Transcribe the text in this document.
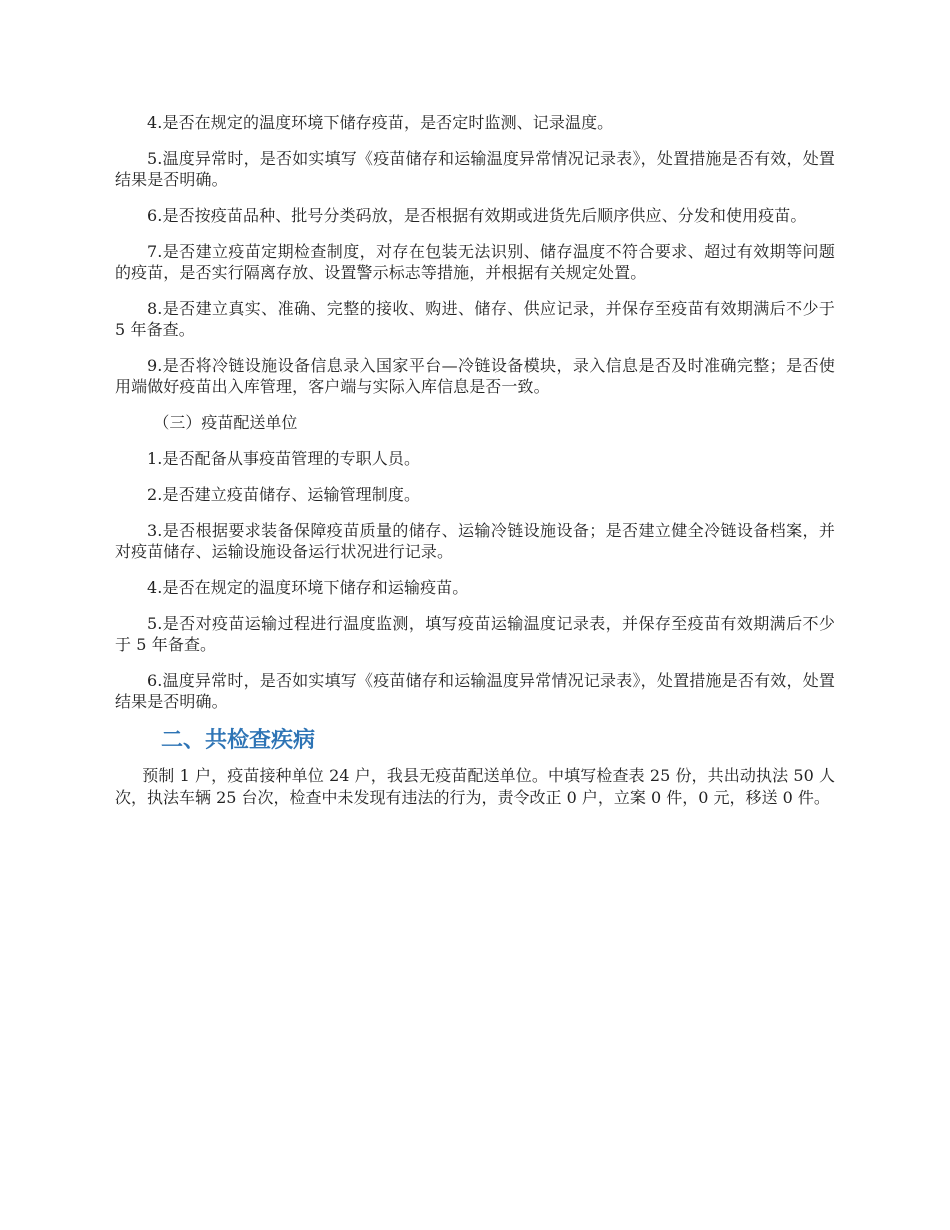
4.是否在规定的温度环境下储存疫苗，是否定时监测、记录温度。

5.温度异常时，是否如实填写《疫苗储存和运输温度异常情况记录表》，处置措施是否有效，处置结果是否明确。

6.是否按疫苗品种、批号分类码放，是否根据有效期或进货先后顺序供应、分发和使用疫苗。

7.是否建立疫苗定期检查制度，对存在包装无法识别、储存温度不符合要求、超过有效期等问题的疫苗，是否实行隔离存放、设置警示标志等措施，并根据有关规定处置。

8.是否建立真实、准确、完整的接收、购进、储存、供应记录，并保存至疫苗有效期满后不少于 5 年备查。

9.是否将冷链设施设备信息录入国家平台—冷链设备模块，录入信息是否及时准确完整；是否使用端做好疫苗出入库管理，客户端与实际入库信息是否一致。

（三）疫苗配送单位

1.是否配备从事疫苗管理的专职人员。

2.是否建立疫苗储存、运输管理制度。

3.是否根据要求装备保障疫苗质量的储存、运输冷链设施设备；是否建立健全冷链设备档案，并对疫苗储存、运输设施设备运行状况进行记录。

4.是否在规定的温度环境下储存和运输疫苗。

5.是否对疫苗运输过程进行温度监测，填写疫苗运输温度记录表，并保存至疫苗有效期满后不少于 5 年备查。

6.温度异常时，是否如实填写《疫苗储存和运输温度异常情况记录表》，处置措施是否有效，处置结果是否明确。

二、共检查疾病

预制 1 户，疫苗接种单位 24 户，我县无疫苗配送单位。中填写检查表 25 份，共出动执法 50 人次，执法车辆 25 台次，检查中未发现有违法的行为，责令改正 0 户，立案 0 件，0 元，移送 0 件。
